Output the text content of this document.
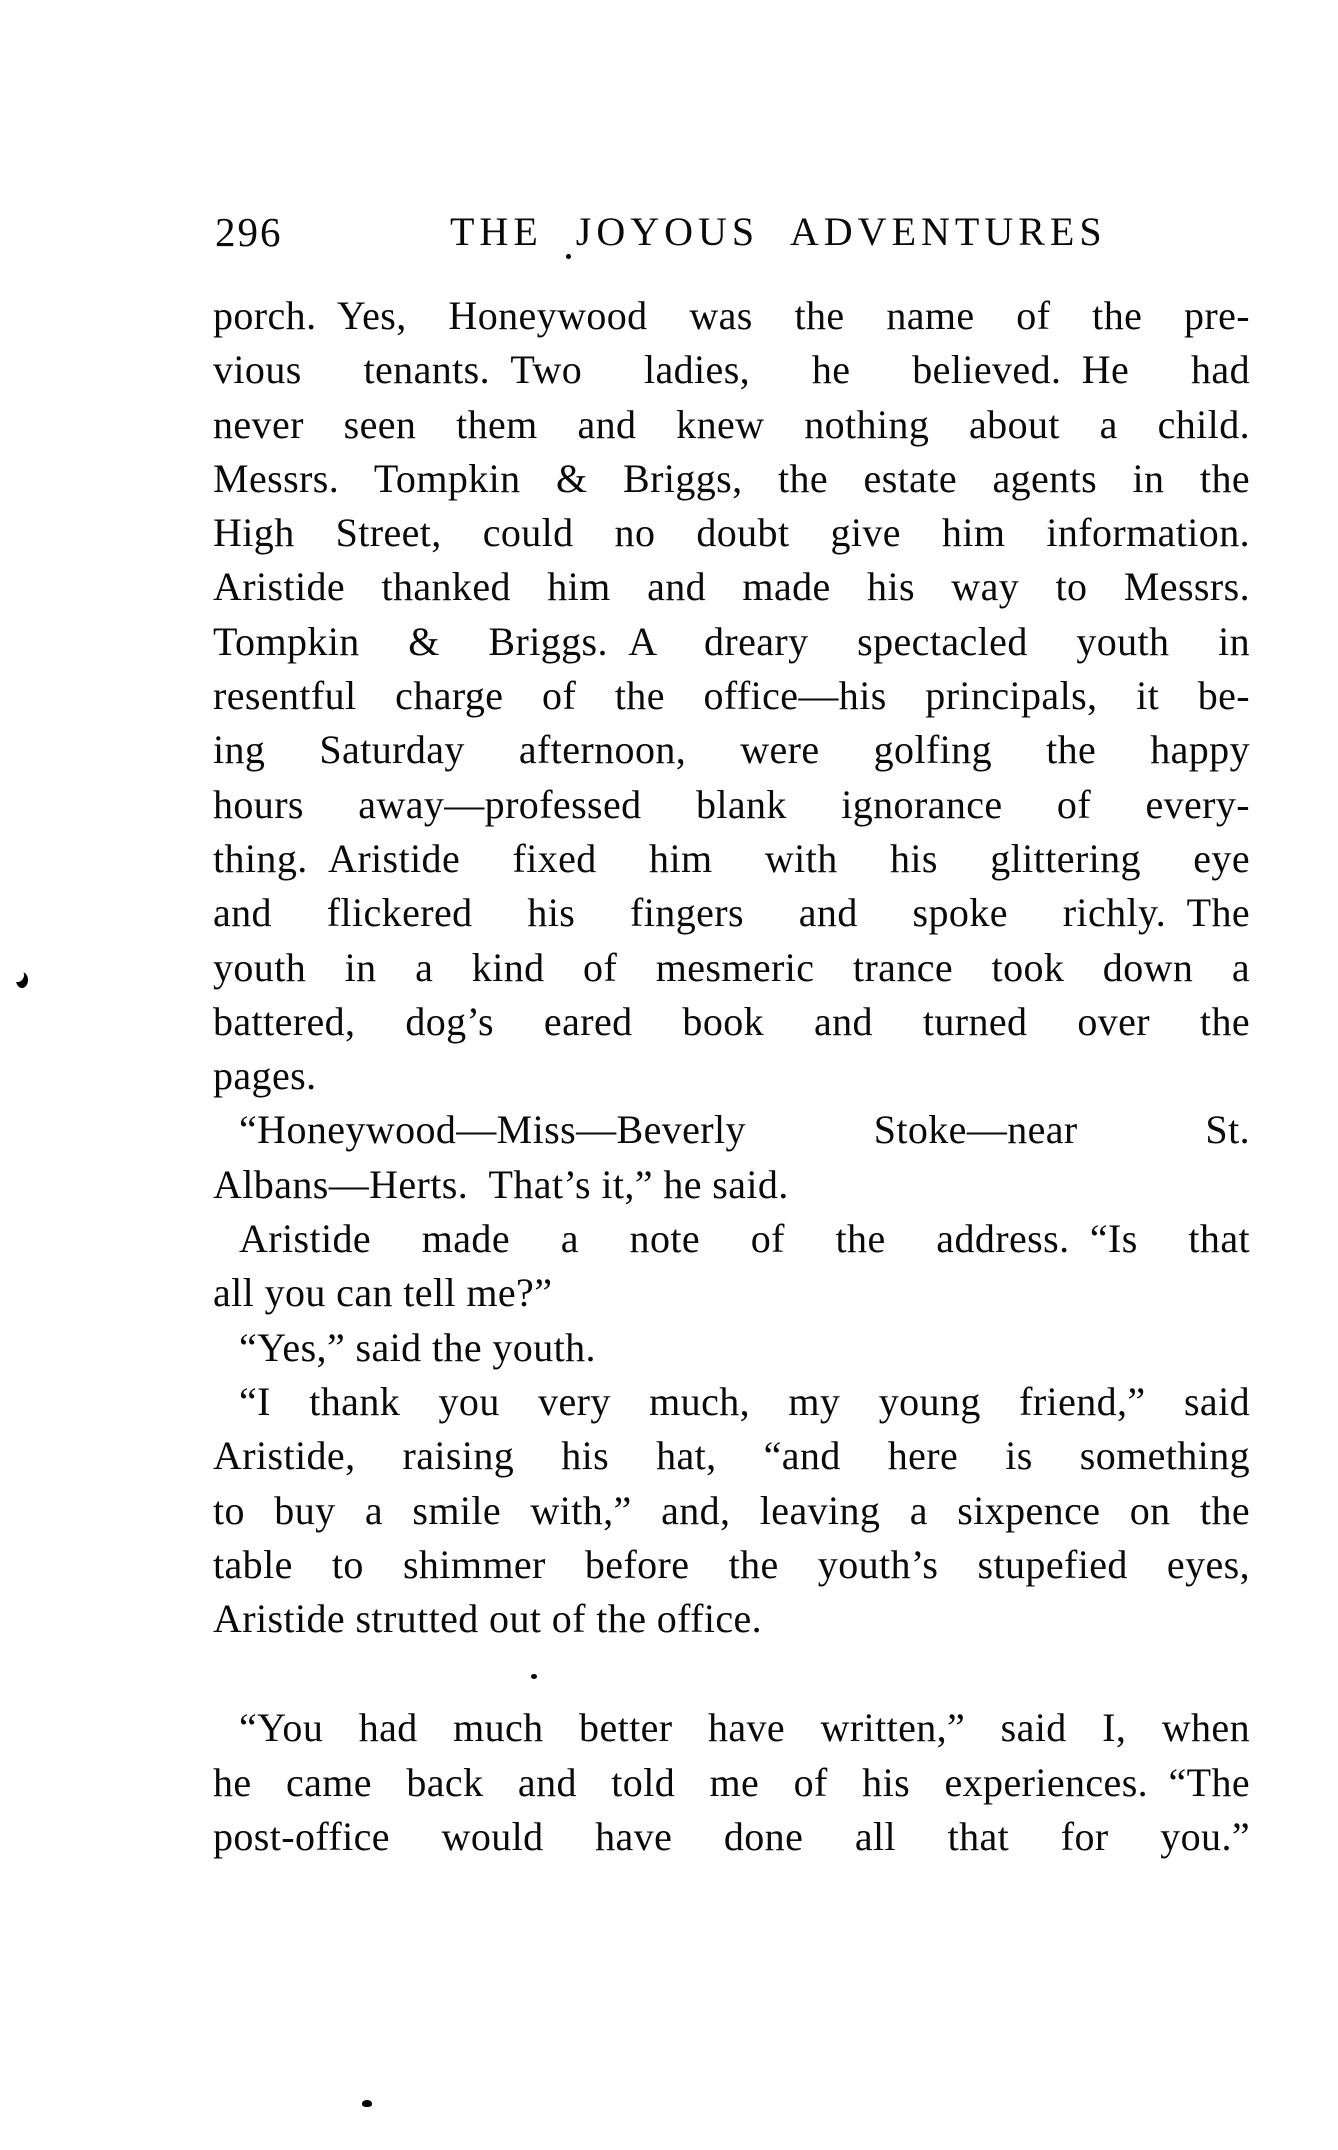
296	THE JOYOUS ADVENTURES
porch. Yes, Honeywood was the name of the pre-
vious tenants. Two ladies, he believed. He had
never seen them and knew nothing about a child.
Messrs. Tompkin & Briggs, the estate agents in the
High Street, could no doubt give him information.
Aristide thanked him and made his way to Messrs.
Tompkin & Briggs. A dreary spectacled youth in
resentful charge of the office—his principals, it be-
ing Saturday afternoon, were golfing the happy
hours away—professed blank ignorance of every-
thing. Aristide fixed him with his glittering eye
and flickered his fingers and spoke richly. The
youth in a kind of mesmeric trance took down a
battered, dog’s eared book and turned over the
pages.
“Honeywood—Miss—Beverly Stoke—near St.
Albans—Herts. That’s it,” he said.
Aristide made a note of the address. “Is that
all you can tell me?”
“Yes,” said the youth.
“I thank you very much, my young friend,” said
Aristide, raising his hat, “and here is something
to buy a smile with,” and, leaving a sixpence on the
table to shimmer before the youth’s stupefied eyes,
Aristide strutted out of the office.
“You had much better have written,” said I, when
he came back and told me of his experiences. “The
post-office would have done all that for you.”
